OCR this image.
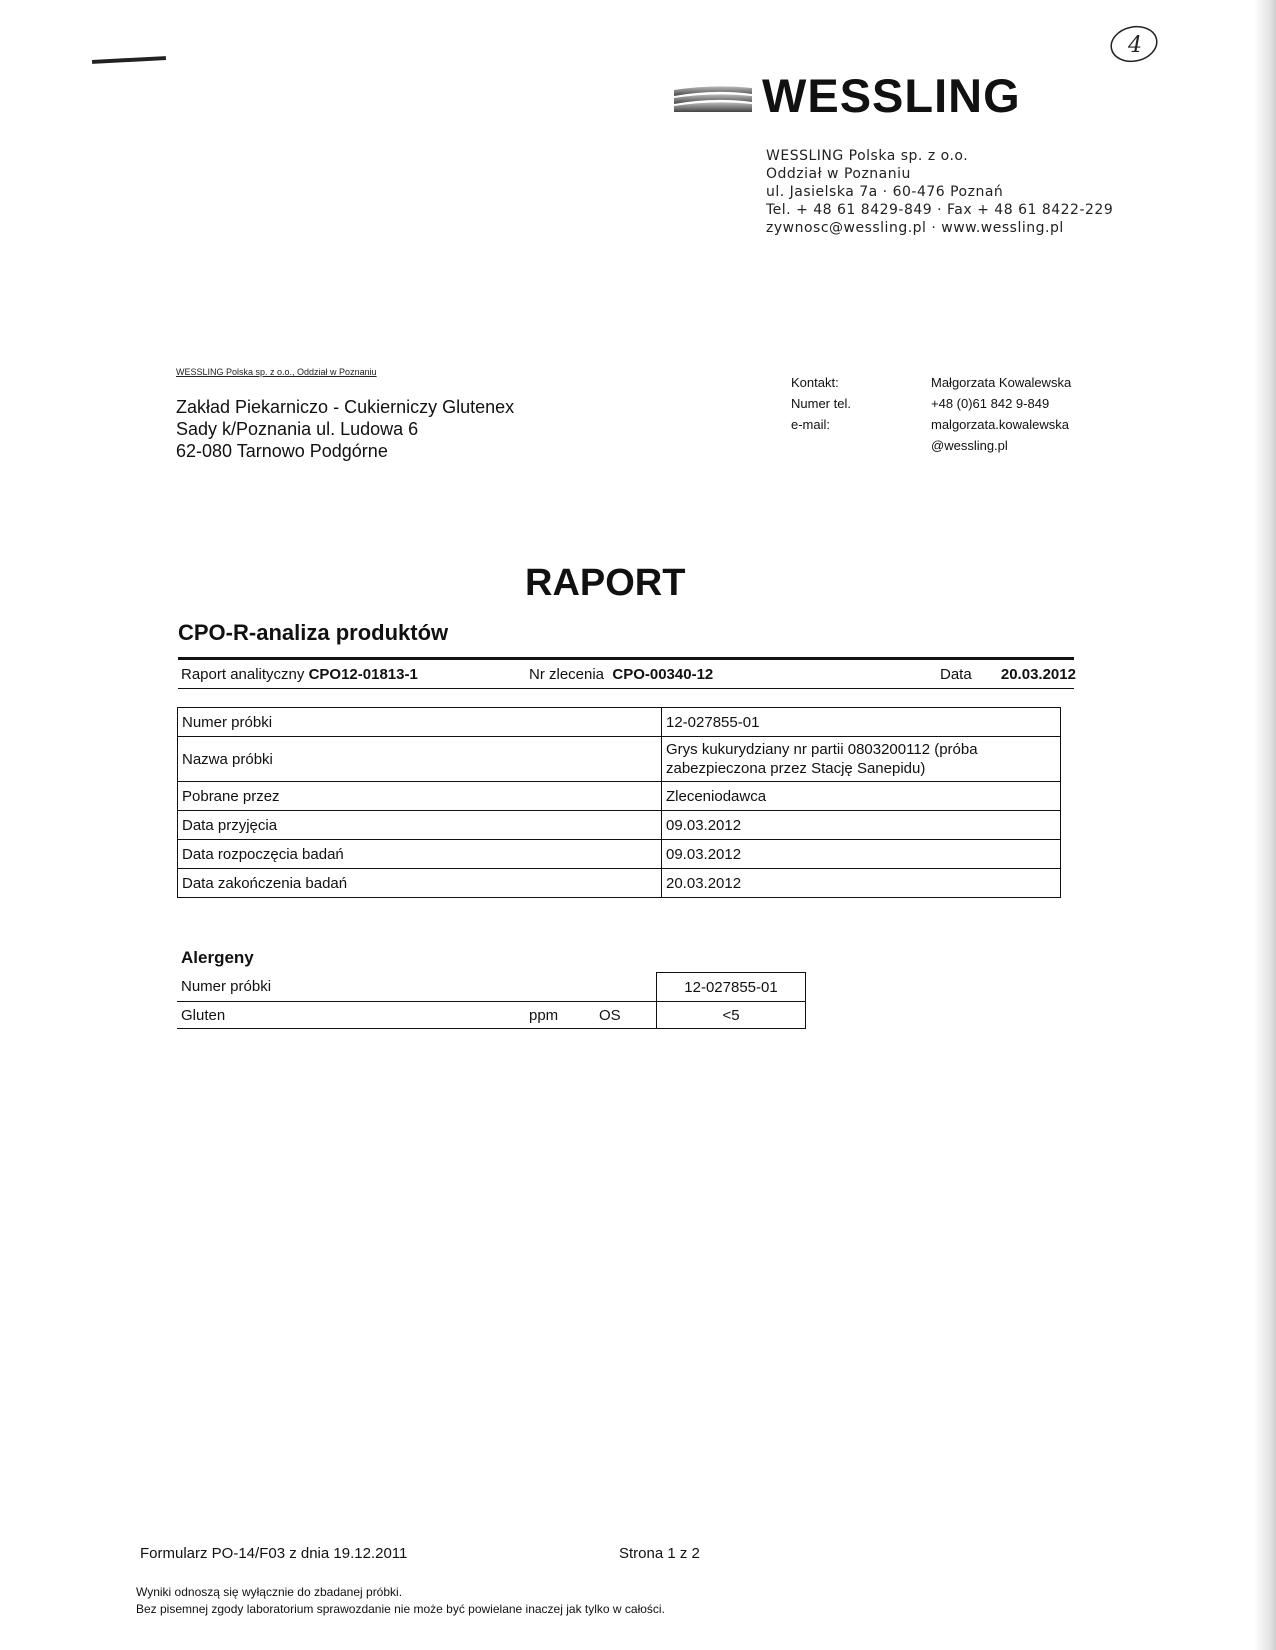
4
WESSLING
WESSLING Polska sp. z o.o.
Oddział w Poznaniu
ul. Jasielska 7a · 60-476 Poznań
Tel. + 48 61 8429-849 · Fax + 48 61 8422-229
zywnosc@wessling.pl · www.wessling.pl
WESSLING Polska sp. z o.o., Oddział w Poznaniu
Zakład Piekarniczo - Cukierniczy Glutenex
Sady k/Poznania ul. Ludowa 6
62-080 Tarnowo Podgórne
Kontakt:	Małgorzata Kowalewska
Numer tel.	+48 (0)61 842 9-849
e-mail:	malgorzata.kowalewska
@wessling.pl
RAPORT
CPO-R-analiza produktów
Raport analityczny CPO12-01813-1	Nr zlecenia CPO-00340-12	Data 20.03.2012
Numer próbki	12-027855-01
Nazwa próbki	Grys kukurydziany nr partii 0803200112 (próba zabezpieczona przez Stację Sanepidu)
Pobrane przez	Zleceniodawca
Data przyjęcia	09.03.2012
Data rozpoczęcia badań	09.03.2012
Data zakończenia badań	20.03.2012
Alergeny
Numer próbki			12-027855-01
Gluten	ppm	OS	<5
Formularz PO-14/F03 z dnia 19.12.2011	Strona 1 z 2
Wyniki odnoszą się wyłącznie do zbadanej próbki.
Bez pisemnej zgody laboratorium sprawozdanie nie może być powielane inaczej jak tylko w całości.
